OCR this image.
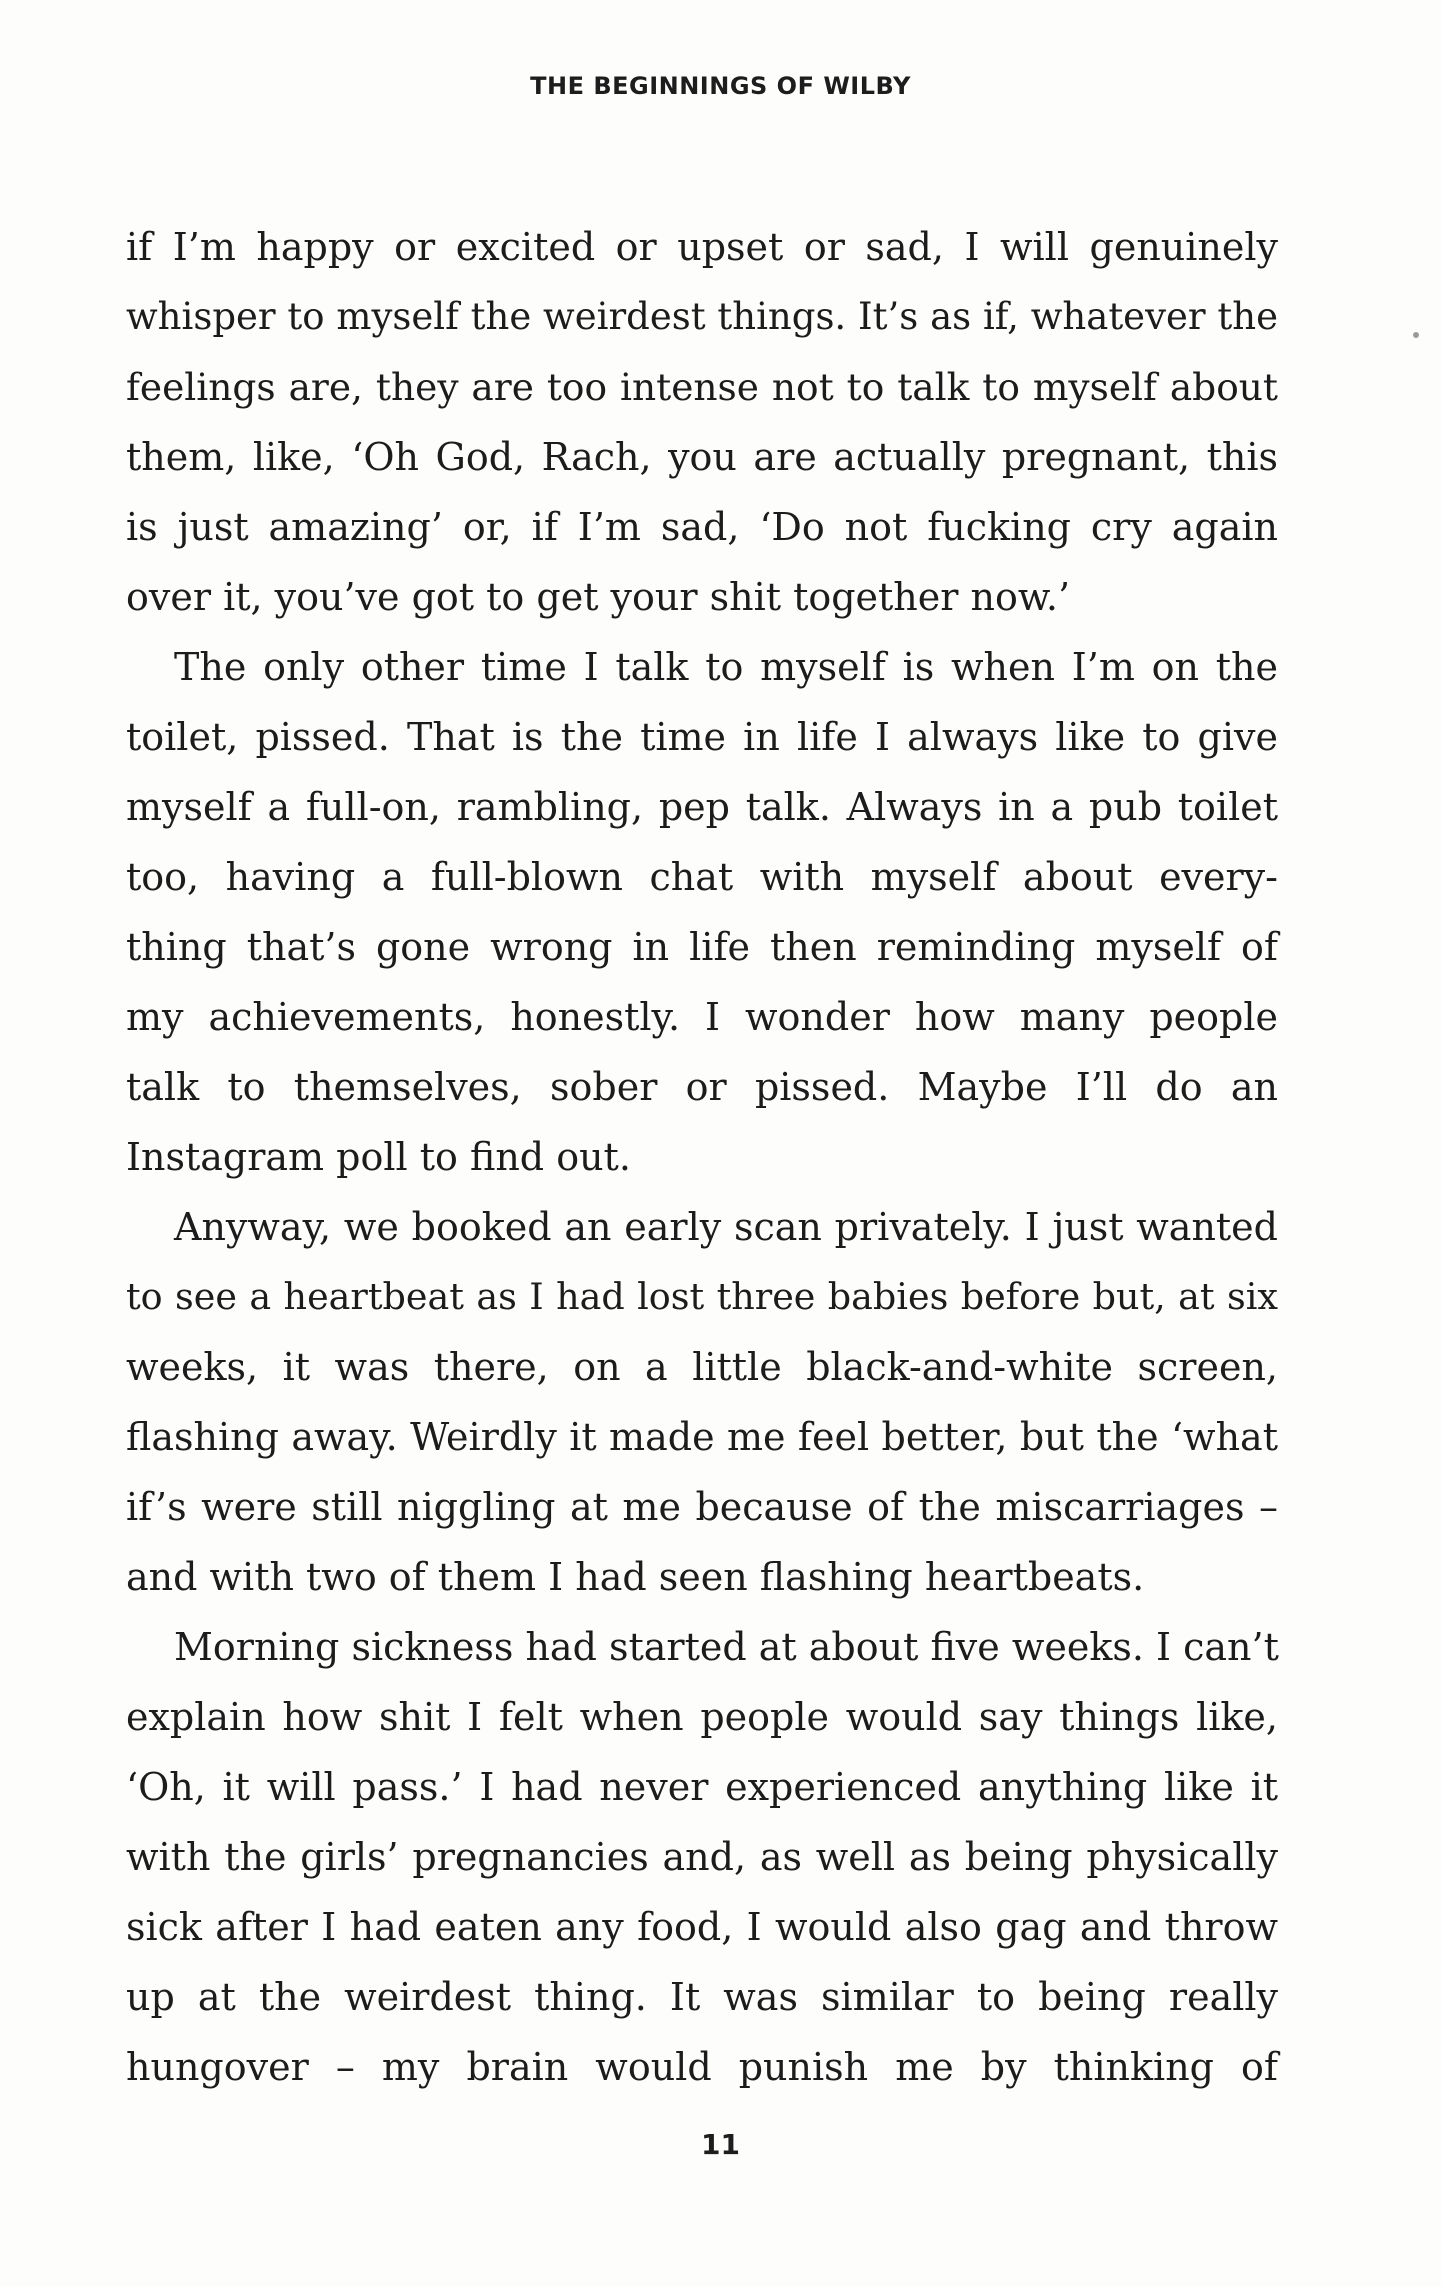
THE BEGINNINGS OF WILBY
if I’m happy or excited or upset or sad, I will genuinely
whisper to myself the weirdest things. It’s as if, whatever the
feelings are, they are too intense not to talk to myself about
them, like, ‘Oh God, Rach, you are actually pregnant, this
is just amazing’ or, if I’m sad, ‘Do not fucking cry again
over it, you’ve got to get your shit together now.’
The only other time I talk to myself is when I’m on the
toilet, pissed. That is the time in life I always like to give
myself a full-on, rambling, pep talk. Always in a pub toilet
too, having a full-blown chat with myself about every-
thing that’s gone wrong in life then reminding myself of
my achievements, honestly. I wonder how many people
talk to themselves, sober or pissed. Maybe I’ll do an
Instagram poll to find out.
Anyway, we booked an early scan privately. I just wanted
to see a heartbeat as I had lost three babies before but, at six
weeks, it was there, on a little black-and-white screen,
flashing away. Weirdly it made me feel better, but the ‘what
if’s were still niggling at me because of the miscarriages –
and with two of them I had seen flashing heartbeats.
Morning sickness had started at about five weeks. I can’t
explain how shit I felt when people would say things like,
‘Oh, it will pass.’ I had never experienced anything like it
with the girls’ pregnancies and, as well as being physically
sick after I had eaten any food, I would also gag and throw
up at the weirdest thing. It was similar to being really
hungover – my brain would punish me by thinking of
11
